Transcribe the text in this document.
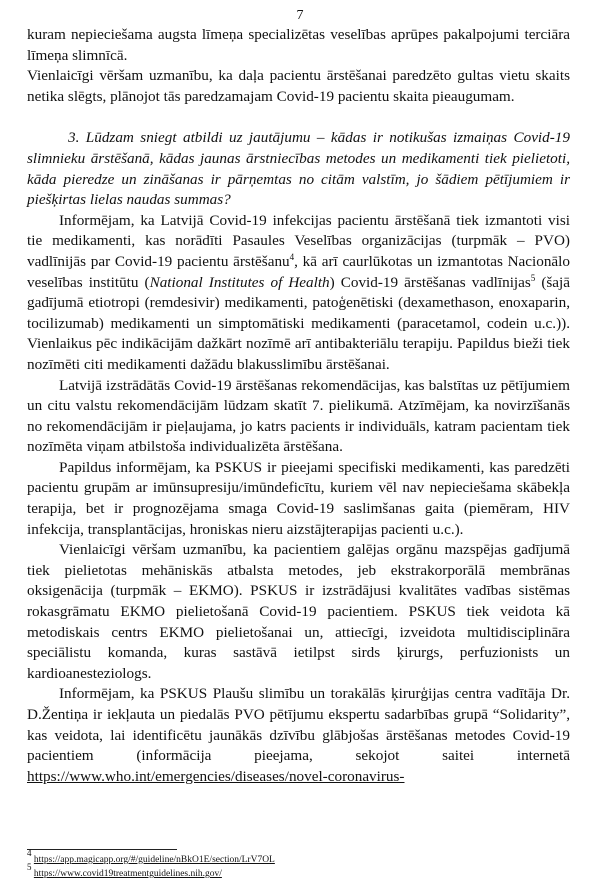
7

kuram nepieciešama augsta līmeņa specializētas veselības aprūpes pakalpojumi terciāra līmeņa slimnīcā.

Vienlaicīgi vēršam uzmanību, ka daļa pacientu ārstēšanai paredzēto gultas vietu skaits netika slēgts, plānojot tās paredzamajam Covid-19 pacientu skaita pieaugumam.

3. Lūdzam sniegt atbildi uz jautājumu – kādas ir notikušas izmaiņas Covid-19 slimnieku ārstēšanā, kādas jaunas ārstniecības metodes un medikamenti tiek pielietoti, kāda pieredze un zināšanas ir pārņemtas no citām valstīm, jo šādiem pētījumiem ir piešķirtas lielas naudas summas?

Informējam, ka Latvijā Covid-19 infekcijas pacientu ārstēšanā tiek izmantoti visi tie medikamenti, kas norādīti Pasaules Veselības organizācijas (turpmāk – PVO) vadlīnijās par Covid-19 pacientu ārstēšanu$^4$, kā arī caurlūkotas un izmantotas Nacionālo veselības institūtu (National Institutes of Health) Covid-19 ārstēšanas vadlīnijas$^5$ (šajā gadījumā etiotropi (remdesivir) medikamenti, patoģenētiski (dexamethason, enoxaparin, tocilizumab) medikamenti un simptomātiski medikamenti (paracetamol, codein u.c.)). Vienlaikus pēc indikācijām dažkārt nozīmē arī antibakteriālu terapiju. Papildus bieži tiek nozīmēti citi medikamenti dažādu blakusslimību ārstēšanai.

Latvijā izstrādātās Covid-19 ārstēšanas rekomendācijas, kas balstītas uz pētījumiem un citu valstu rekomendācijām lūdzam skatīt 7. pielikumā. Atzīmējam, ka novirzīšanās no rekomendācijām ir pieļaujama, jo katrs pacients ir individuāls, katram pacientam tiek nozīmēta viņam atbilstoša individualizēta ārstēšana.

Papildus informējam, ka PSKUS ir pieejami specifiski medikamenti, kas paredzēti pacientu grupām ar imūnsupresiju/imūndeficītu, kuriem vēl nav nepieciešama skābekļa terapija, bet ir prognozējama smaga Covid-19 saslimšanas gaita (piemēram, HIV infekcija, transplantācijas, hroniskas nieru aizstājterapijas pacienti u.c.).

Vienlaicīgi vēršam uzmanību, ka pacientiem galējas orgānu mazspējas gadījumā tiek pielietotas mehāniskās atbalsta metodes, jeb ekstrakorporālā membrānas oksigenācija (turpmāk – EKMO). PSKUS ir izstrādājusi kvalitātes vadības sistēmas rokasgrāmatu EKMO pielietošanā Covid-19 pacientiem. PSKUS tiek veidota kā metodiskais centrs EKMO pielietošanai un, attiecīgi, izveidota multidisciplināra speciālistu komanda, kuras sastāvā ietilpst sirds ķirurgs, perfuzionists un kardioanesteziologs.

Informējam, ka PSKUS Plaušu slimību un torakālās ķirurģijas centra vadītāja Dr. D.Žentiņa ir iekļauta un piedalās PVO pētījumu ekspertu sadarbības grupā “Solidarity”, kas veidota, lai identificētu jaunākās dzīvību glābjošas ārstēšanas metodes Covid-19 pacientiem (informācija pieejama, sekojot saitei internetā https://www.who.int/emergencies/diseases/novel-coronavirus-

$^4$ https://app.magicapp.org/#/guideline/nBkO1E/section/LrV7OL
$^5$ https://www.covid19treatmentguidelines.nih.gov/
